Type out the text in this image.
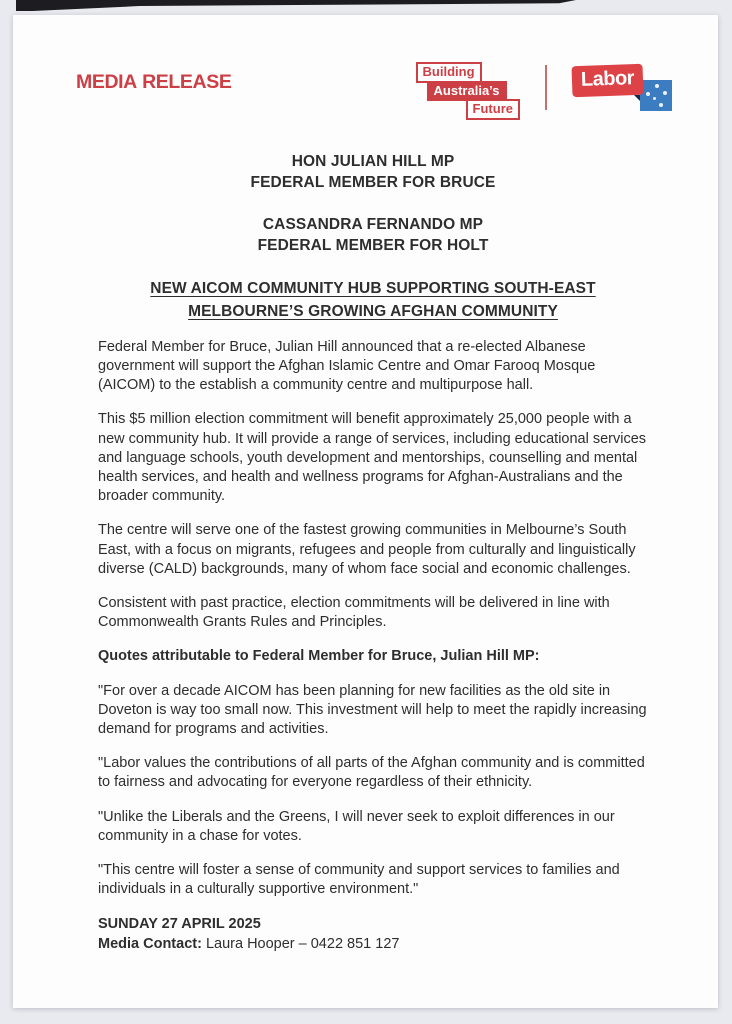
MEDIA RELEASE	Building
Australia’s
Future
Labor
HON JULIAN HILL MP
FEDERAL MEMBER FOR BRUCE
CASSANDRA FERNANDO MP
FEDERAL MEMBER FOR HOLT
NEW AICOM COMMUNITY HUB SUPPORTING SOUTH-EAST
MELBOURNE’S GROWING AFGHAN COMMUNITY

Federal Member for Bruce, Julian Hill announced that a re-elected Albanese government will support the Afghan Islamic Centre and Omar Farooq Mosque (AICOM) to the establish a community centre and multipurpose hall.

This $5 million election commitment will benefit approximately 25,000 people with a new community hub. It will provide a range of services, including educational services and language schools, youth development and mentorships, counselling and mental health services, and health and wellness programs for Afghan-Australians and the broader community.

The centre will serve one of the fastest growing communities in Melbourne’s South East, with a focus on migrants, refugees and people from culturally and linguistically diverse (CALD) backgrounds, many of whom face social and economic challenges.

Consistent with past practice, election commitments will be delivered in line with Commonwealth Grants Rules and Principles.

Quotes attributable to Federal Member for Bruce, Julian Hill MP:

"For over a decade AICOM has been planning for new facilities as the old site in Doveton is way too small now. This investment will help to meet the rapidly increasing demand for programs and activities.

"Labor values the contributions of all parts of the Afghan community and is committed to fairness and advocating for everyone regardless of their ethnicity.

"Unlike the Liberals and the Greens, I will never seek to exploit differences in our community in a chase for votes.

"This centre will foster a sense of community and support services to families and individuals in a culturally supportive environment."

SUNDAY 27 APRIL 2025
Media Contact: Laura Hooper – 0422 851 127
